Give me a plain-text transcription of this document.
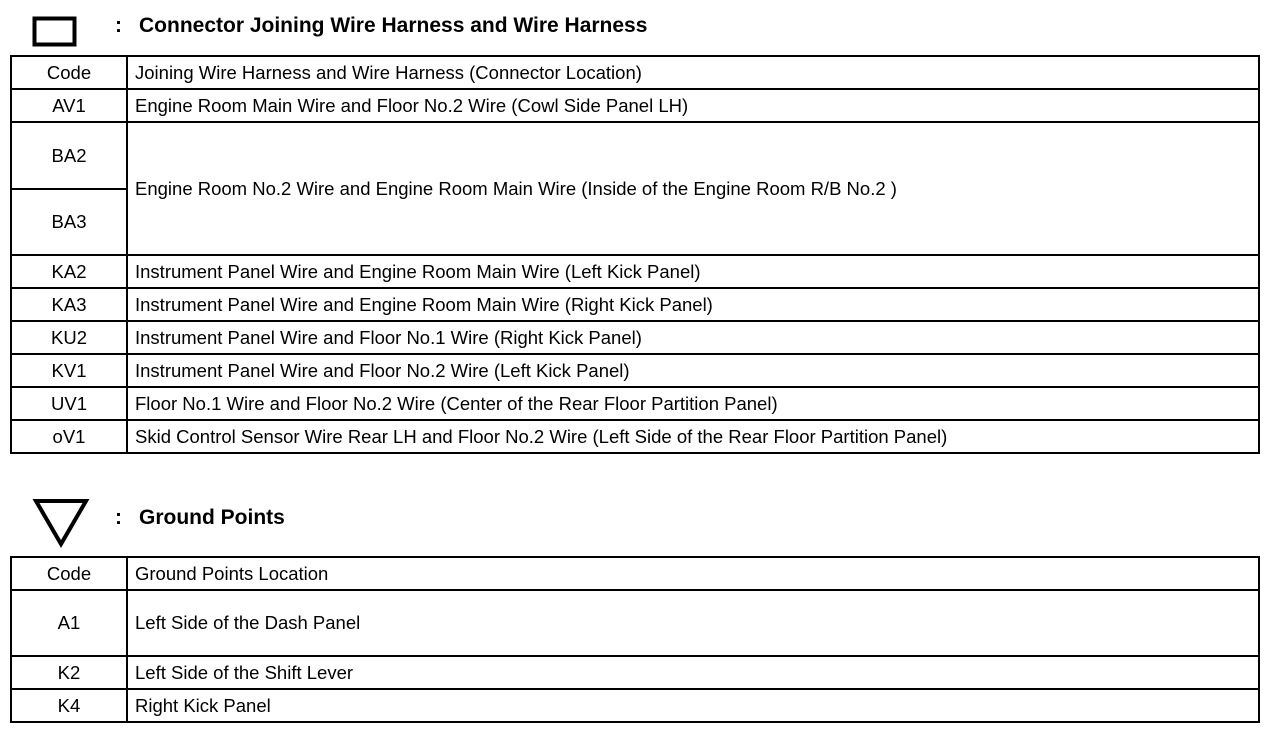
: Connector Joining Wire Harness and Wire Harness
Code	Joining Wire Harness and Wire Harness (Connector Location)
AV1	Engine Room Main Wire and Floor No.2 Wire (Cowl Side Panel LH)
BA2	Engine Room No.2 Wire and Engine Room Main Wire (Inside of the Engine Room R/B No.2 )
BA3	
KA2	Instrument Panel Wire and Engine Room Main Wire (Left Kick Panel)
KA3	Instrument Panel Wire and Engine Room Main Wire (Right Kick Panel)
KU2	Instrument Panel Wire and Floor No.1 Wire (Right Kick Panel)
KV1	Instrument Panel Wire and Floor No.2 Wire (Left Kick Panel)
UV1	Floor No.1 Wire and Floor No.2 Wire (Center of the Rear Floor Partition Panel)
oV1	Skid Control Sensor Wire Rear LH and Floor No.2 Wire (Left Side of the Rear Floor Partition Panel)
: Ground Points
Code	Ground Points Location
A1	Left Side of the Dash Panel
K2	Left Side of the Shift Lever
K4	Right Kick Panel
